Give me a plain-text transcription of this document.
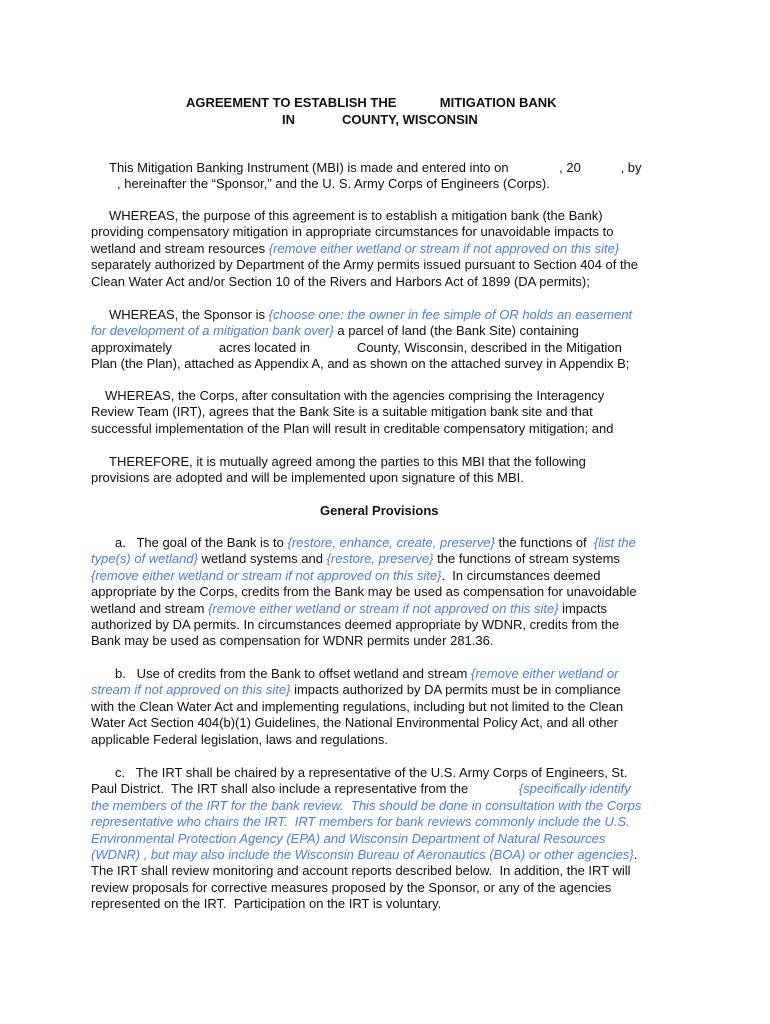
AGREEMENT TO ESTABLISH THE            MITIGATION BANK
IN             COUNTY, WISCONSIN
This Mitigation Banking Instrument (MBI) is made and entered into on              , 20           , by
, hereinafter the “Sponsor,” and the U. S. Army Corps of Engineers (Corps).
WHEREAS, the purpose of this agreement is to establish a mitigation bank (the Bank)
providing compensatory mitigation in appropriate circumstances for unavoidable impacts to
wetland and stream resources {remove either wetland or stream if not approved on this site}
separately authorized by Department of the Army permits issued pursuant to Section 404 of the
Clean Water Act and/or Section 10 of the Rivers and Harbors Act of 1899 (DA permits);
WHEREAS, the Sponsor is {choose one: the owner in fee simple of OR holds an easement
for development of a mitigation bank over} a parcel of land (the Bank Site) containing
approximately             acres located in             County, Wisconsin, described in the Mitigation
Plan (the Plan), attached as Appendix A, and as shown on the attached survey in Appendix B;
WHEREAS, the Corps, after consultation with the agencies comprising the Interagency
Review Team (IRT), agrees that the Bank Site is a suitable mitigation bank site and that
successful implementation of the Plan will result in creditable compensatory mitigation; and
THEREFORE, it is mutually agreed among the parties to this MBI that the following
provisions are adopted and will be implemented upon signature of this MBI.
General Provisions
a.   The goal of the Bank is to {restore, enhance, create, preserve} the functions of  {list the
type(s) of wetland} wetland systems and {restore, preserve} the functions of stream systems
{remove either wetland or stream if not approved on this site}.  In circumstances deemed
appropriate by the Corps, credits from the Bank may be used as compensation for unavoidable
wetland and stream {remove either wetland or stream if not approved on this site} impacts
authorized by DA permits. In circumstances deemed appropriate by WDNR, credits from the
Bank may be used as compensation for WDNR permits under 281.36.
b.   Use of credits from the Bank to offset wetland and stream {remove either wetland or
stream if not approved on this site} impacts authorized by DA permits must be in compliance
with the Clean Water Act and implementing regulations, including but not limited to the Clean
Water Act Section 404(b)(1) Guidelines, the National Environmental Policy Act, and all other
applicable Federal legislation, laws and regulations.
c.   The IRT shall be chaired by a representative of the U.S. Army Corps of Engineers, St.
Paul District.  The IRT shall also include a representative from the              {specifically identify
the members of the IRT for the bank review.  This should be done in consultation with the Corps
representative who chairs the IRT.  IRT members for bank reviews commonly include the U.S.
Environmental Protection Agency (EPA) and Wisconsin Department of Natural Resources
(WDNR) , but may also include the Wisconsin Bureau of Aeronautics (BOA) or other agencies}.
The IRT shall review monitoring and account reports described below.  In addition, the IRT will
review proposals for corrective measures proposed by the Sponsor, or any of the agencies
represented on the IRT.  Participation on the IRT is voluntary.
